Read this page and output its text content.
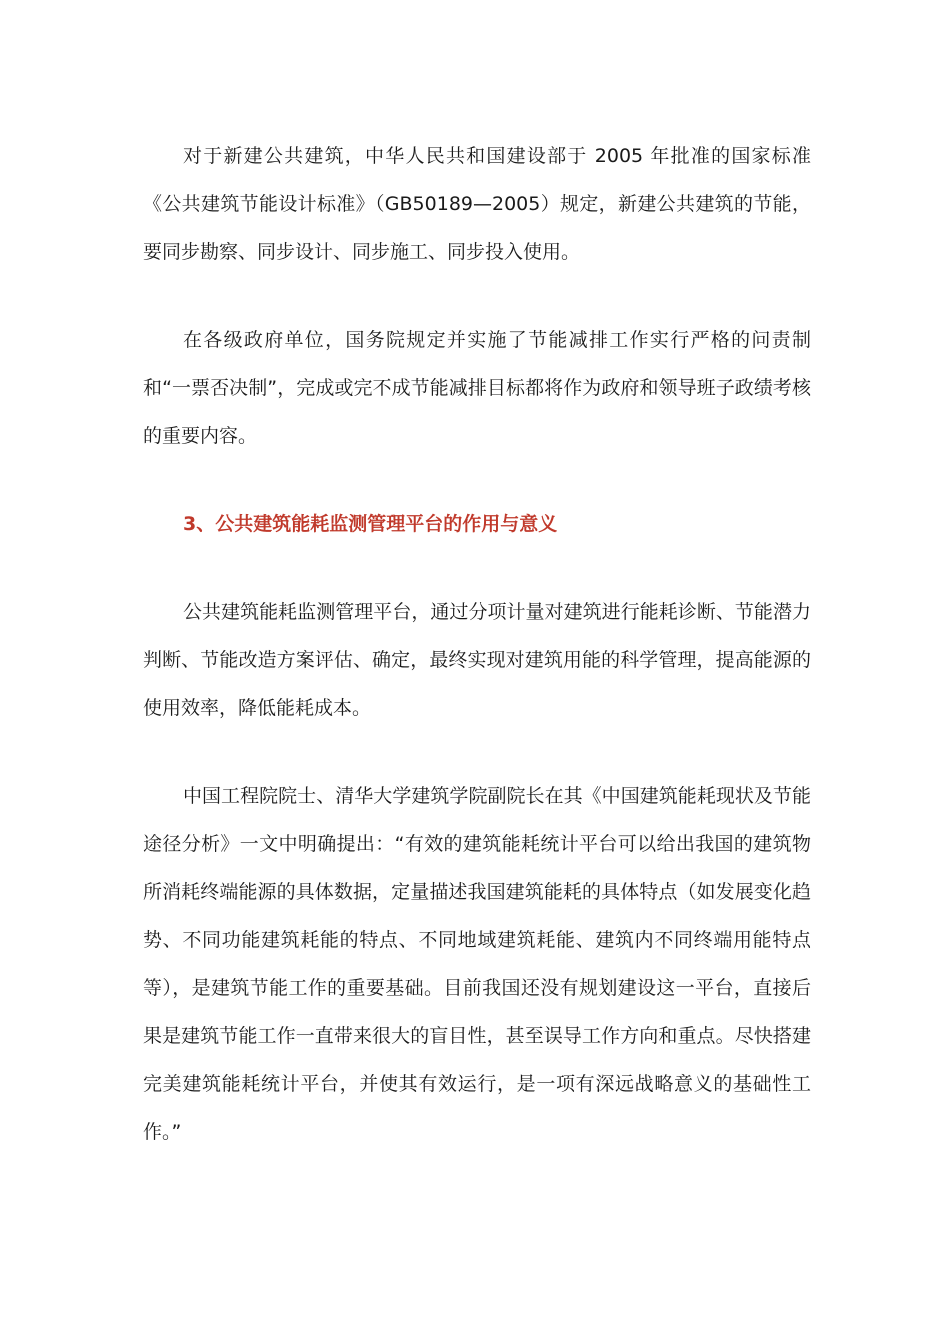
对于新建公共建筑，中华人民共和国建设部于 2005 年批准的国家标准《公共建筑节能设计标准》（GB50189—2005）规定，新建公共建筑的节能，要同步勘察、同步设计、同步施工、同步投入使用。

在各级政府单位，国务院规定并实施了节能减排工作实行严格的问责制和“一票否决制”，完成或完不成节能减排目标都将作为政府和领导班子政绩考核的重要内容。

3、公共建筑能耗监测管理平台的作用与意义

公共建筑能耗监测管理平台，通过分项计量对建筑进行能耗诊断、节能潜力判断、节能改造方案评估、确定，最终实现对建筑用能的科学管理，提高能源的使用效率，降低能耗成本。

中国工程院院士、清华大学建筑学院副院长在其《中国建筑能耗现状及节能途径分析》一文中明确提出：“有效的建筑能耗统计平台可以给出我国的建筑物所消耗终端能源的具体数据，定量描述我国建筑能耗的具体特点（如发展变化趋势、不同功能建筑耗能的特点、不同地域建筑耗能、建筑内不同终端用能特点等），是建筑节能工作的重要基础。目前我国还没有规划建设这一平台，直接后果是建筑节能工作一直带来很大的盲目性，甚至误导工作方向和重点。尽快搭建完美建筑能耗统计平台，并使其有效运行，是一项有深远战略意义的基础性工作。”
